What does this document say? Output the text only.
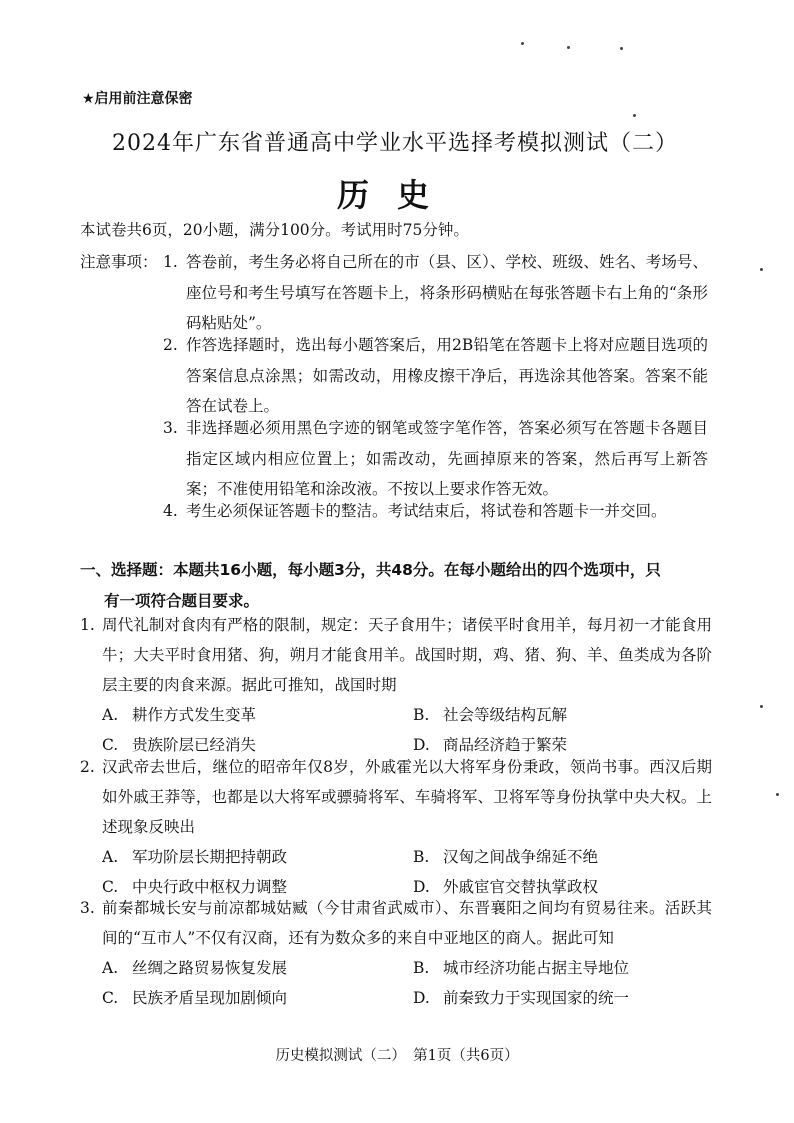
★启用前注意保密
2024年广东省普通高中学业水平选择考模拟测试（二）
历史
本试卷共6页，20小题，满分100分。考试用时75分钟。
注意事项： 1. 答卷前，考生务必将自己所在的市（县、区）、学校、班级、姓名、考场号、座位号和考生号填写在答题卡上，将条形码横贴在每张答题卡右上角的“条形码粘贴处”。
2. 作答选择题时，选出每小题答案后，用2B铅笔在答题卡上将对应题目选项的答案信息点涂黑；如需改动，用橡皮擦干净后，再选涂其他答案。答案不能答在试卷上。
3. 非选择题必须用黑色字迹的钢笔或签字笔作答，答案必须写在答题卡各题目指定区域内相应位置上；如需改动，先画掉原来的答案，然后再写上新答案；不准使用铅笔和涂改液。不按以上要求作答无效。
4. 考生必须保证答题卡的整洁。考试结束后，将试卷和答题卡一并交回。
一、选择题：本题共16小题，每小题3分，共48分。在每小题给出的四个选项中，只
有一项符合题目要求。
1. 周代礼制对食肉有严格的限制，规定：天子食用牛；诸侯平时食用羊，每月初一才能食用牛；大夫平时食用猪、狗，朔月才能食用羊。战国时期，鸡、猪、狗、羊、鱼类成为各阶层主要的肉食来源。据此可推知，战国时期
A. 耕作方式发生变革	B. 社会等级结构瓦解
C. 贵族阶层已经消失	D. 商品经济趋于繁荣
2. 汉武帝去世后，继位的昭帝年仅8岁，外戚霍光以大将军身份秉政，领尚书事。西汉后期如外戚王莽等，也都是以大将军或骠骑将军、车骑将军、卫将军等身份执掌中央大权。上述现象反映出
A. 军功阶层长期把持朝政	B. 汉匈之间战争绵延不绝
C. 中央行政中枢权力调整	D. 外戚宦官交替执掌政权
3. 前秦都城长安与前凉都城姑臧（今甘肃省武威市）、东晋襄阳之间均有贸易往来。活跃其间的“互市人”不仅有汉商，还有为数众多的来自中亚地区的商人。据此可知
A. 丝绸之路贸易恢复发展	B. 城市经济功能占据主导地位
C. 民族矛盾呈现加剧倾向	D. 前秦致力于实现国家的统一
历史模拟测试（二）　第1页（共6页）
